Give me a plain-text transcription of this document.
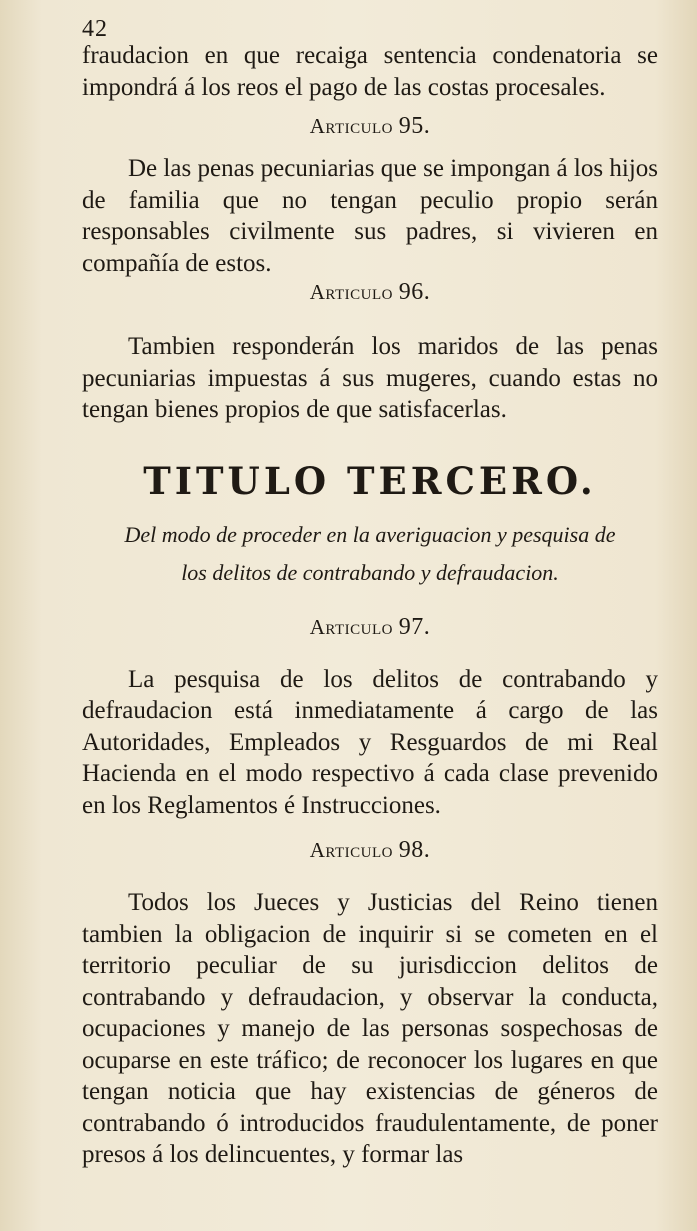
42

fraudacion en que recaiga sentencia condenatoria se impondrá á los reos el pago de las costas procesales.

Articulo 95.

De las penas pecuniarias que se impongan á los hijos de familia que no tengan peculio propio serán responsables civilmente sus padres, si vivieren en compañía de estos.

Articulo 96.

Tambien responderán los maridos de las penas pecuniarias impuestas á sus mugeres, cuando estas no tengan bienes propios de que satisfacerlas.

TITULO TERCERO.

Del modo de proceder en la averiguacion y pesquisa de los delitos de contrabando y defraudacion.

Articulo 97.

La pesquisa de los delitos de contrabando y defraudacion está inmediatamente á cargo de las Autoridades, Empleados y Resguardos de mi Real Hacienda en el modo respectivo á cada clase prevenido en los Reglamentos é Instrucciones.

Articulo 98.

Todos los Jueces y Justicias del Reino tienen tambien la obligacion de inquirir si se cometen en el territorio peculiar de su jurisdiccion delitos de contrabando y defraudacion, y observar la conducta, ocupaciones y manejo de las personas sospechosas de ocuparse en este tráfico; de reconocer los lugares en que tengan noticia que hay existencias de géneros de contrabando ó introducidos fraudulentamente, de poner presos á los delincuentes, y formar las
